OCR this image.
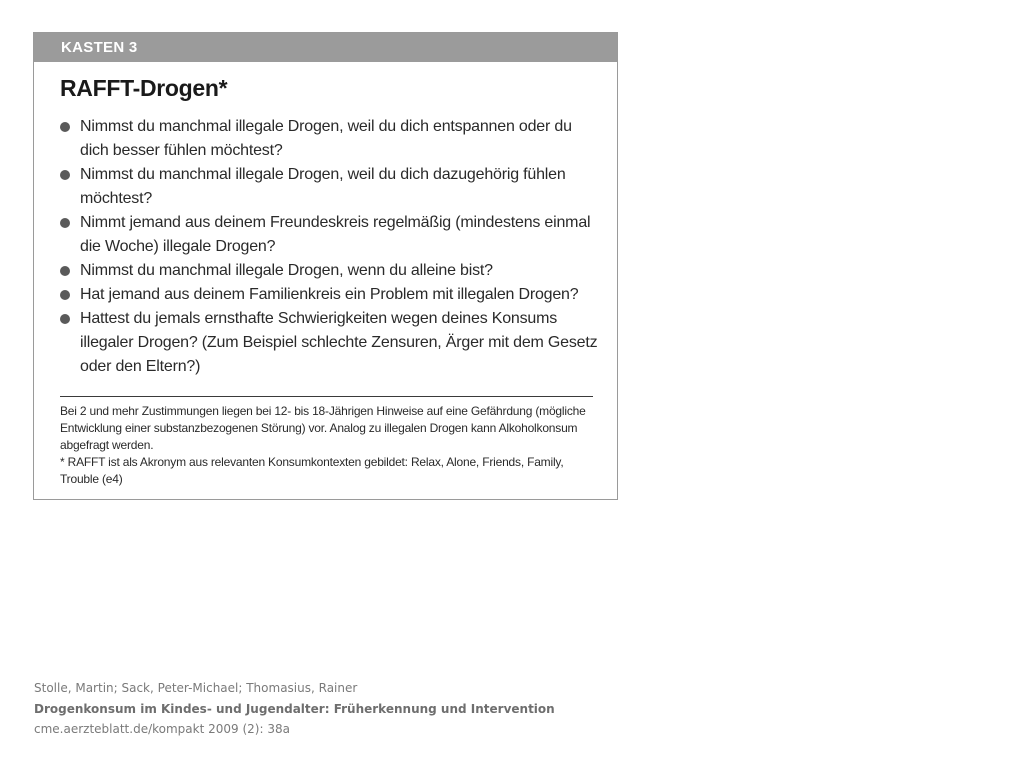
KASTEN 3
RAFFT-Drogen*
Nimmst du manchmal illegale Drogen, weil du dich entspannen oder du dich besser fühlen möchtest?
Nimmst du manchmal illegale Drogen, weil du dich dazugehörig fühlen möchtest?
Nimmt jemand aus deinem Freundeskreis regelmäßig (mindestens einmal die Woche) illegale Drogen?
Nimmst du manchmal illegale Drogen, wenn du alleine bist?
Hat jemand aus deinem Familienkreis ein Problem mit illegalen Drogen?
Hattest du jemals ernsthafte Schwierigkeiten wegen deines Konsums illegaler Drogen? (Zum Beispiel schlechte Zensuren, Ärger mit dem Gesetz oder den Eltern?)

Bei 2 und mehr Zustimmungen liegen bei 12- bis 18-Jährigen Hinweise auf eine Gefährdung (mögliche Entwicklung einer substanzbezogenen Störung) vor. Analog zu illegalen Drogen kann Alkoholkonsum abgefragt werden.

* RAFFT ist als Akronym aus relevanten Konsumkontexten gebildet: Relax, Alone, Friends, Family, Trouble (e4)

Stolle, Martin; Sack, Peter-Michael; Thomasius, Rainer
Drogenkonsum im Kindes- und Jugendalter: Früherkennung und Intervention
cme.aerzteblatt.de/kompakt 2009 (2): 38a
